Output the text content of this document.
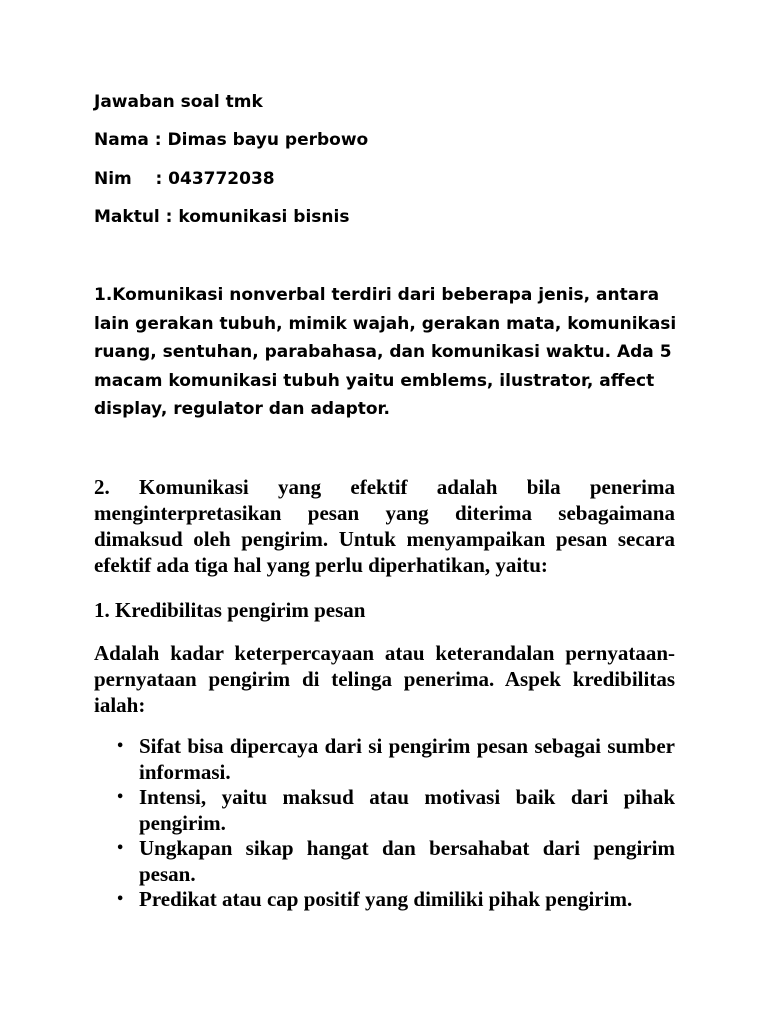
Jawaban soal tmk
Nama : Dimas bayu perbowo
Nim    : 043772038
Maktul : komunikasi bisnis

1.Komunikasi nonverbal terdiri dari beberapa jenis, antara lain gerakan tubuh, mimik wajah, gerakan mata, komunikasi ruang, sentuhan, parabahasa, dan komunikasi waktu. Ada 5 macam komunikasi tubuh yaitu emblems, ilustrator, affect display, regulator dan adaptor.

2. Komunikasi yang efektif adalah bila penerima menginterpretasikan pesan yang diterima sebagaimana dimaksud oleh pengirim. Untuk menyampaikan pesan secara efektif ada tiga hal yang perlu diperhatikan, yaitu:

1. Kredibilitas pengirim pesan

Adalah kadar keterpercayaan atau keterandalan pernyataan-pernyataan pengirim di telinga penerima. Aspek kredibilitas ialah:

• Sifat bisa dipercaya dari si pengirim pesan sebagai sumber informasi.
• Intensi, yaitu maksud atau motivasi baik dari pihak pengirim.
• Ungkapan sikap hangat dan bersahabat dari pengirim pesan.
• Predikat atau cap positif yang dimiliki pihak pengirim.
